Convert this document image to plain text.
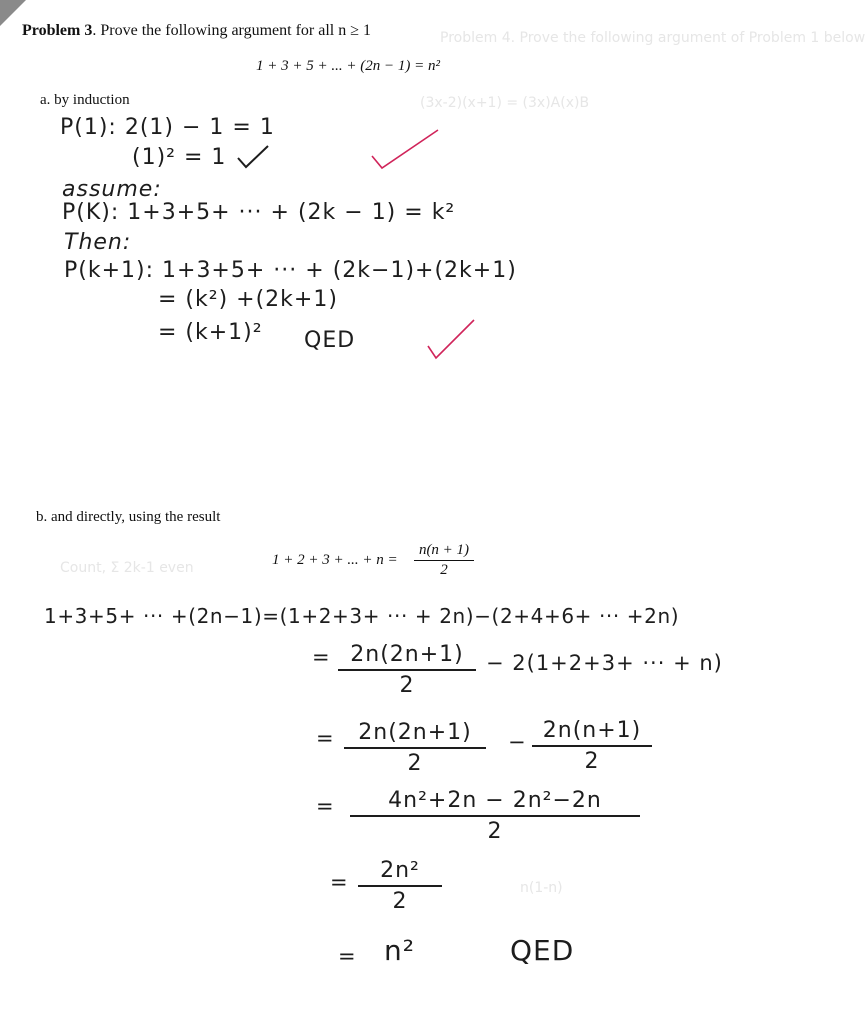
Problem 4. Prove the following argument of Problem 1 below
(3x-2)(x+1) = (3x)A(x)B
Count, Σ 2k-1 even
n(1-n)
Problem 3. Prove the following argument for all n ≥ 1
1 + 3 + 5 + ... + (2n − 1) = n²
a. by induction
P(1): 2(1) − 1 = 1
(1)² = 1
assume:
P(K): 1+3+5+ ··· + (2k − 1) = k²
Then:
P(k+1): 1+3+5+ ··· + (2k−1)+(2k+1)
= (k²) +(2k+1)
= (k+1)² QED
b. and directly, using the result
1 + 2 + 3 + ... + n =
n(n + 1)
2
1+3+5+ ··· +(2n−1)=(1+2+3+ ··· + 2n)−(2+4+6+ ··· +2n)
= 2n(2n+1)
2
− 2(1+2+3+ ··· + n)
=	2n(2n+1)
2
− 2n(n+1)
2
=	4n²+2n − 2n²−2n
2
=	2n²
2
= n²	QED
